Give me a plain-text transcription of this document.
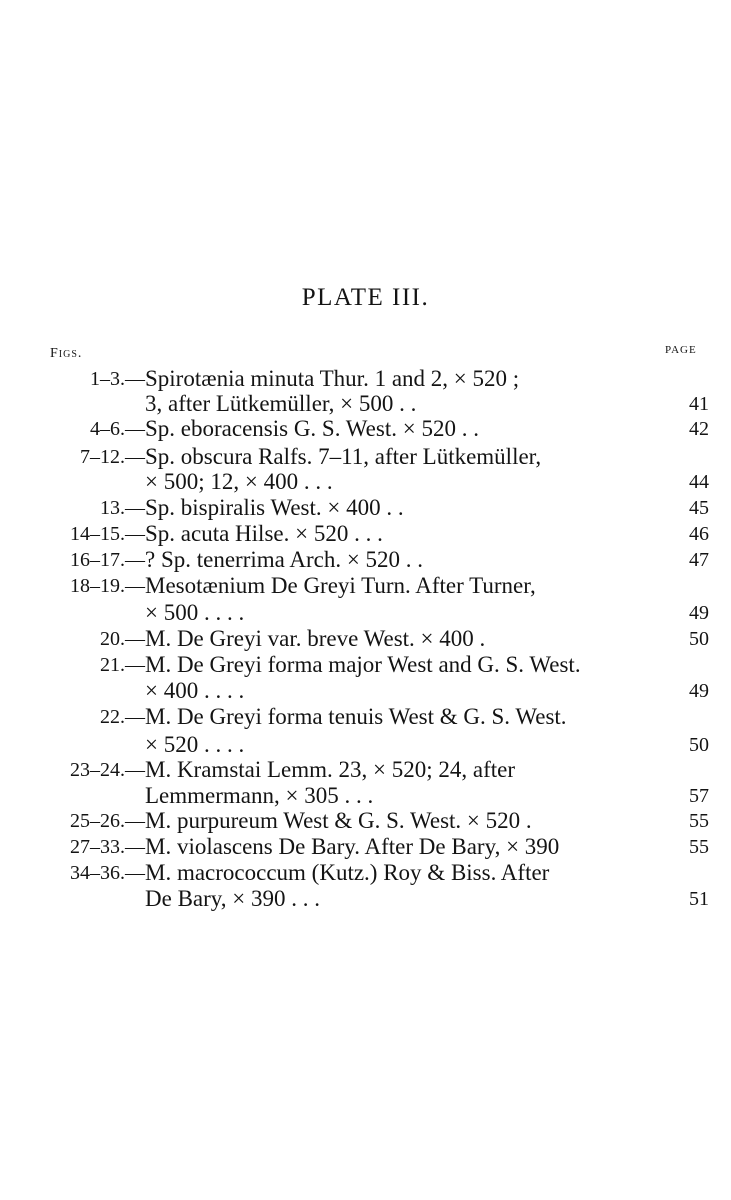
PLATE III.
Figs.	PAGE
1–3.— Spirotænia minuta Thur. 1 and 2, × 520 ;
3, after Lütkemüller, × 500 . .	41
4–6.— Sp. eboracensis G. S. West. × 520 . .	42
7–12.— Sp. obscura Ralfs. 7–11, after Lütkemüller,
× 500; 12, × 400 . . .	44
13.— Sp. bispiralis West. × 400 . .	45
14–15.— Sp. acuta Hilse. × 520 . . .	46
16–17.— ? Sp. tenerrima Arch. × 520 . .	47
18–19.— Mesotænium De Greyi Turn. After Turner,
× 500 . . . .	49
20.— M. De Greyi var. breve West. × 400 .	50
21.— M. De Greyi forma major West and G. S. West.
× 400 . . . .	49
22.— M. De Greyi forma tenuis West & G. S. West.
× 520 . . . .	50
23–24.— M. Kramstai Lemm. 23, × 520; 24, after
Lemmermann, × 305 . . .	57
25–26.— M. purpureum West & G. S. West. × 520 .	55
27–33.— M. violascens De Bary. After De Bary, × 390	55
34–36.— M. macrococcum (Kutz.) Roy & Biss. After
De Bary, × 390 . . .	51
